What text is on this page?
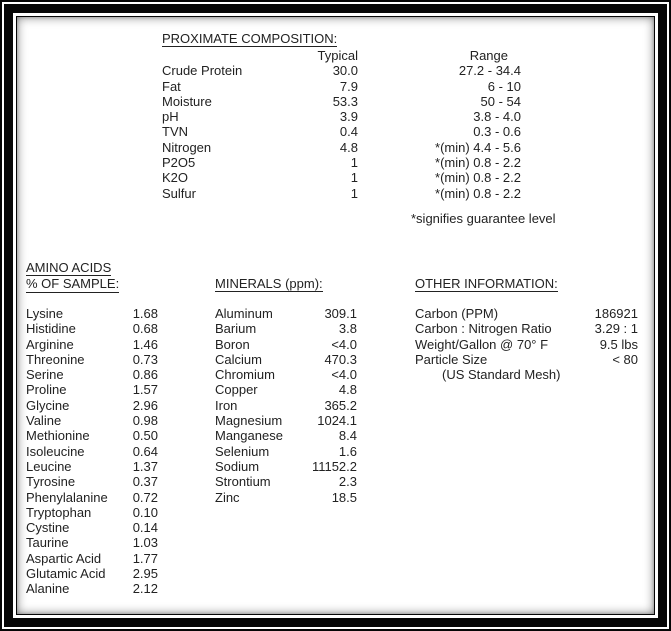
PROXIMATE COMPOSITION:
Typical	Range
Crude Protein	30.0	27.2 - 34.4
Fat	7.9	6 - 10
Moisture	53.3	50 - 54
pH	3.9	3.8 - 4.0
TVN	0.4	0.3 - 0.6
Nitrogen	4.8	*(min) 4.4 - 5.6
P2O5	1	*(min) 0.8 - 2.2
K2O	1	*(min) 0.8 - 2.2
Sulfur	1	*(min) 0.8 - 2.2
*signifies guarantee level
AMINO ACIDS
% OF SAMPLE:
Lysine	1.68
Histidine	0.68
Arginine	1.46
Threonine	0.73
Serine	0.86
Proline	1.57
Glycine	2.96
Valine	0.98
Methionine	0.50
Isoleucine	0.64
Leucine	1.37
Tyrosine	0.37
Phenylalanine	0.72
Tryptophan	0.10
Cystine	0.14
Taurine	1.03
Aspartic Acid	1.77
Glutamic Acid	2.95
Alanine	2.12
MINERALS (ppm):
Aluminum	309.1
Barium	3.8
Boron	<4.0
Calcium	470.3
Chromium	<4.0
Copper	4.8
Iron	365.2
Magnesium	1024.1
Manganese	8.4
Selenium	1.6
Sodium	11152.2
Strontium	2.3
Zinc	18.5
OTHER INFORMATION:
Carbon (PPM)	186921
Carbon : Nitrogen Ratio	3.29 : 1
Weight/Gallon @ 70° F	9.5 lbs
Particle Size	< 80
(US Standard Mesh)
